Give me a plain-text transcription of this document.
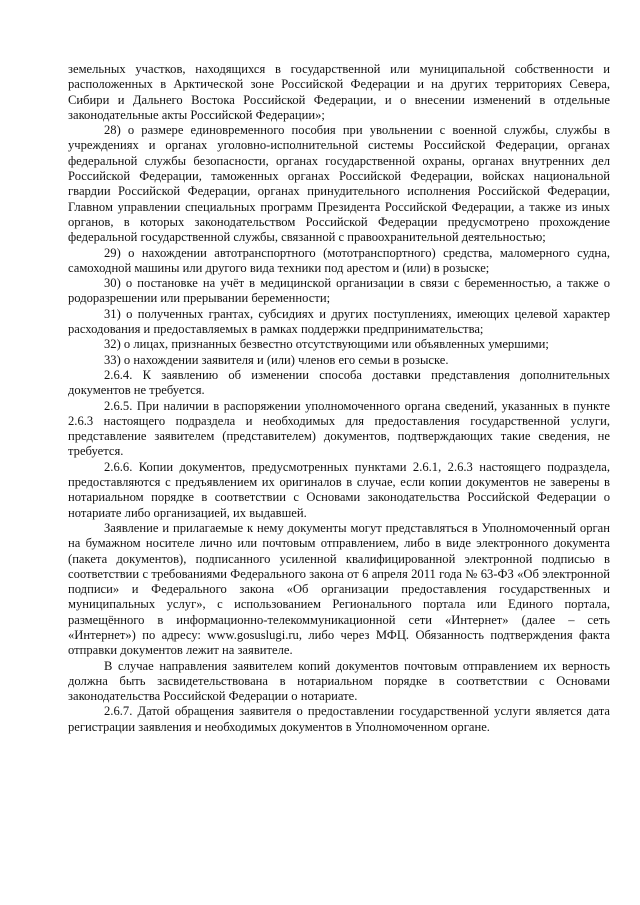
земельных участков, находящихся в государственной или муниципальной собственности и расположенных в Арктической зоне Российской Федерации и на других территориях Севера, Сибири и Дальнего Востока Российской Федерации, и о внесении изменений в отдельные законодательные акты Российской Федерации»;

28) о размере единовременного пособия при увольнении с военной службы, службы в учреждениях и органах уголовно-исполнительной системы Российской Федерации, органах федеральной службы безопасности, органах государственной охраны, органах внутренних дел Российской Федерации, таможенных органах Российской Федерации, войсках национальной гвардии Российской Федерации, органах принудительного исполнения Российской Федерации, Главном управлении специальных программ Президента Российской Федерации, а также из иных органов, в которых законодательством Российской Федерации предусмотрено прохождение федеральной государственной службы, связанной с правоохранительной деятельностью;

29) о нахождении автотранспортного (мототранспортного) средства, маломерного судна, самоходной машины или другого вида техники под арестом и (или) в розыске;

30) о постановке на учёт в медицинской организации в связи с беременностью, а также о родоразрешении или прерывании беременности;

31) о полученных грантах, субсидиях и других поступлениях, имеющих целевой характер расходования и предоставляемых в рамках поддержки предпринимательства;

32) о лицах, признанных безвестно отсутствующими или объявленных умершими;

33) о нахождении заявителя и (или) членов его семьи в розыске.

2.6.4. К заявлению об изменении способа доставки представления дополнительных документов не требуется.

2.6.5. При наличии в распоряжении уполномоченного органа сведений, указанных в пункте 2.6.3 настоящего подраздела и необходимых для предоставления государственной услуги, представление заявителем (представителем) документов, подтверждающих такие сведения, не требуется.

2.6.6. Копии документов, предусмотренных пунктами 2.6.1, 2.6.3 настоящего подраздела, предоставляются с предъявлением их оригиналов в случае, если копии документов не заверены в нотариальном порядке в соответствии с Основами законодательства Российской Федерации о нотариате либо организацией, их выдавшей.

Заявление и прилагаемые к нему документы могут представляться в Уполномоченный орган на бумажном носителе лично или почтовым отправлением, либо в виде электронного документа (пакета документов), подписанного усиленной квалифицированной электронной подписью в соответствии с требованиями Федерального закона от 6 апреля 2011 года № 63-ФЗ «Об электронной подписи» и Федерального закона «Об организации предоставления государственных и муниципальных услуг», с использованием Регионального портала или Единого портала, размещённого в информационно-телекоммуникационной сети «Интернет» (далее – сеть «Интернет») по адресу: www.gosuslugi.ru, либо через МФЦ. Обязанность подтверждения факта отправки документов лежит на заявителе.

В случае направления заявителем копий документов почтовым отправлением их верность должна быть засвидетельствована в нотариальном порядке в соответствии с Основами законодательства Российской Федерации о нотариате.

2.6.7. Датой обращения заявителя о предоставлении государственной услуги является дата регистрации заявления и необходимых документов в Уполномоченном органе.
